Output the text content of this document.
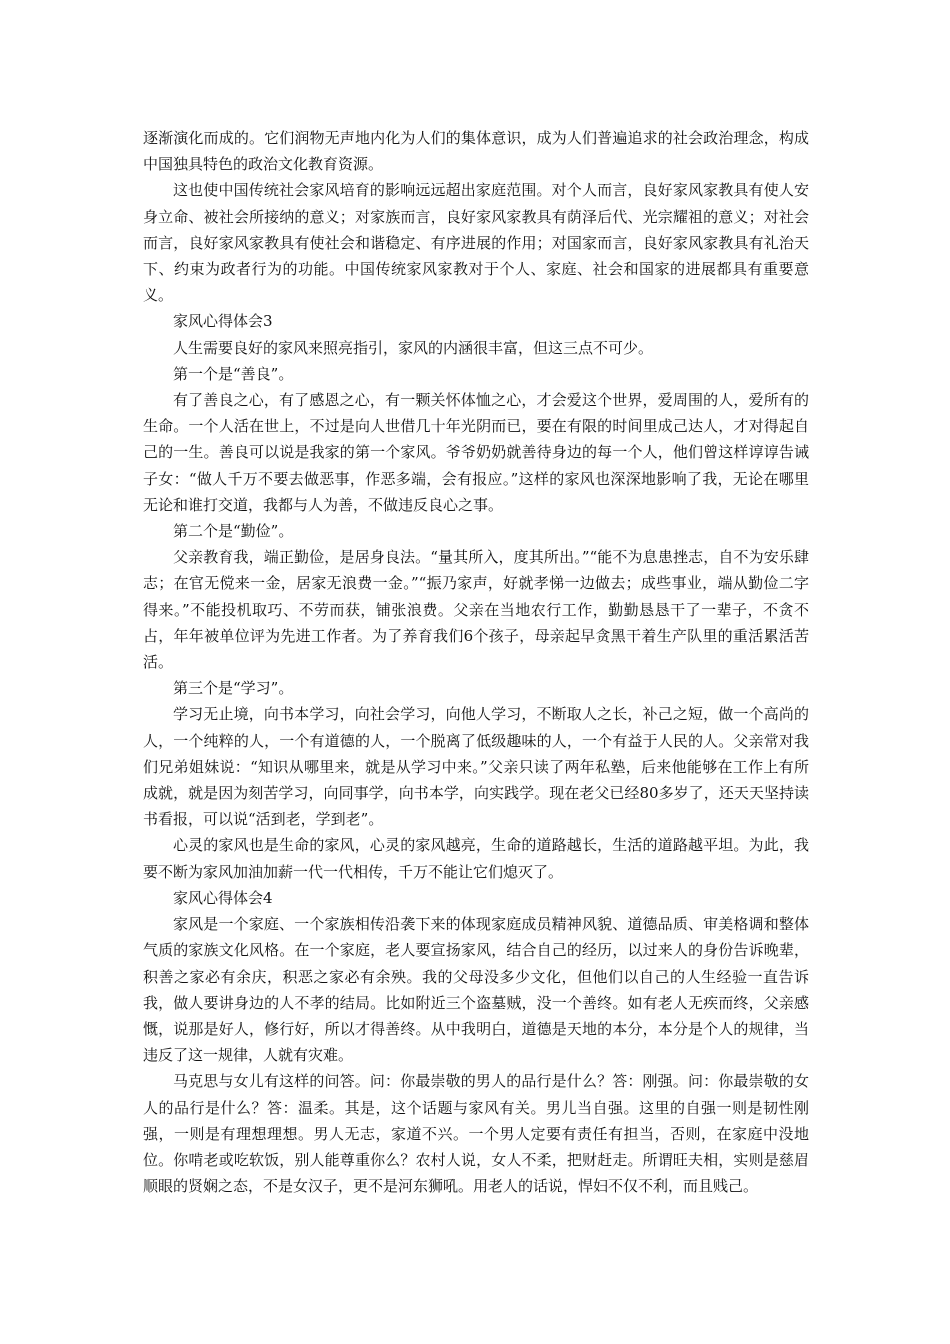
逐渐演化而成的。它们润物无声地内化为人们的集体意识，成为人们普遍追求的社会政治理念，构成中国独具特色的政治文化教育资源。

这也使中国传统社会家风培育的影响远远超出家庭范围。对个人而言，良好家风家教具有使人安身立命、被社会所接纳的意义；对家族而言，良好家风家教具有荫泽后代、光宗耀祖的意义；对社会而言，良好家风家教具有使社会和谐稳定、有序进展的作用；对国家而言，良好家风家教具有礼治天下、约束为政者行为的功能。中国传统家风家教对于个人、家庭、社会和国家的进展都具有重要意义。

家风心得体会3

人生需要良好的家风来照亮指引，家风的内涵很丰富，但这三点不可少。

第一个是“善良”。

有了善良之心，有了感恩之心，有一颗关怀体恤之心，才会爱这个世界，爱周围的人，爱所有的生命。一个人活在世上，不过是向人世借几十年光阴而已，要在有限的时间里成己达人，才对得起自己的一生。善良可以说是我家的第一个家风。爷爷奶奶就善待身边的每一个人，他们曾这样谆谆告诫子女：“做人千万不要去做恶事，作恶多端，会有报应。”这样的家风也深深地影响了我，无论在哪里无论和谁打交道，我都与人为善，不做违反良心之事。

第二个是“勤俭”。

父亲教育我，端正勤俭，是居身良法。“量其所入，度其所出。”“能不为息患挫志，自不为安乐肆志；在官无傥来一金，居家无浪费一金。”“振乃家声，好就孝悌一边做去；成些事业，端从勤俭二字得来。”不能投机取巧、不劳而获，铺张浪费。父亲在当地农行工作，勤勤恳恳干了一辈子，不贪不占，年年被单位评为先进工作者。为了养育我们6个孩子，母亲起早贪黑干着生产队里的重活累活苦活。

第三个是“学习”。

学习无止境，向书本学习，向社会学习，向他人学习，不断取人之长，补己之短，做一个高尚的人，一个纯粹的人，一个有道德的人，一个脱离了低级趣味的人，一个有益于人民的人。父亲常对我们兄弟姐妹说：“知识从哪里来，就是从学习中来。”父亲只读了两年私塾，后来他能够在工作上有所成就，就是因为刻苦学习，向同事学，向书本学，向实践学。现在老父已经80多岁了，还天天坚持读书看报，可以说“活到老，学到老”。

心灵的家风也是生命的家风，心灵的家风越亮，生命的道路越长，生活的道路越平坦。为此，我要不断为家风加油加薪一代一代相传，千万不能让它们熄灭了。

家风心得体会4

家风是一个家庭、一个家族相传沿袭下来的体现家庭成员精神风貌、道德品质、审美格调和整体气质的家族文化风格。在一个家庭，老人要宣扬家风，结合自己的经历，以过来人的身份告诉晚辈，积善之家必有余庆，积恶之家必有余殃。我的父母没多少文化，但他们以自己的人生经验一直告诉我，做人要讲身边的人不孝的结局。比如附近三个盗墓贼，没一个善终。如有老人无疾而终，父亲感慨，说那是好人，修行好，所以才得善终。从中我明白，道德是天地的本分，本分是个人的规律，当违反了这一规律，人就有灾难。

马克思与女儿有这样的问答。问：你最崇敬的男人的品行是什么？答：刚强。问：你最崇敬的女人的品行是什么？答：温柔。其是，这个话题与家风有关。男儿当自强。这里的自强一则是韧性刚强，一则是有理想理想。男人无志，家道不兴。一个男人定要有责任有担当，否则，在家庭中没地位。你啃老或吃软饭，别人能尊重你么？农村人说，女人不柔，把财赶走。所谓旺夫相，实则是慈眉顺眼的贤娴之态，不是女汉子，更不是河东狮吼。用老人的话说，悍妇不仅不利，而且贱己。
